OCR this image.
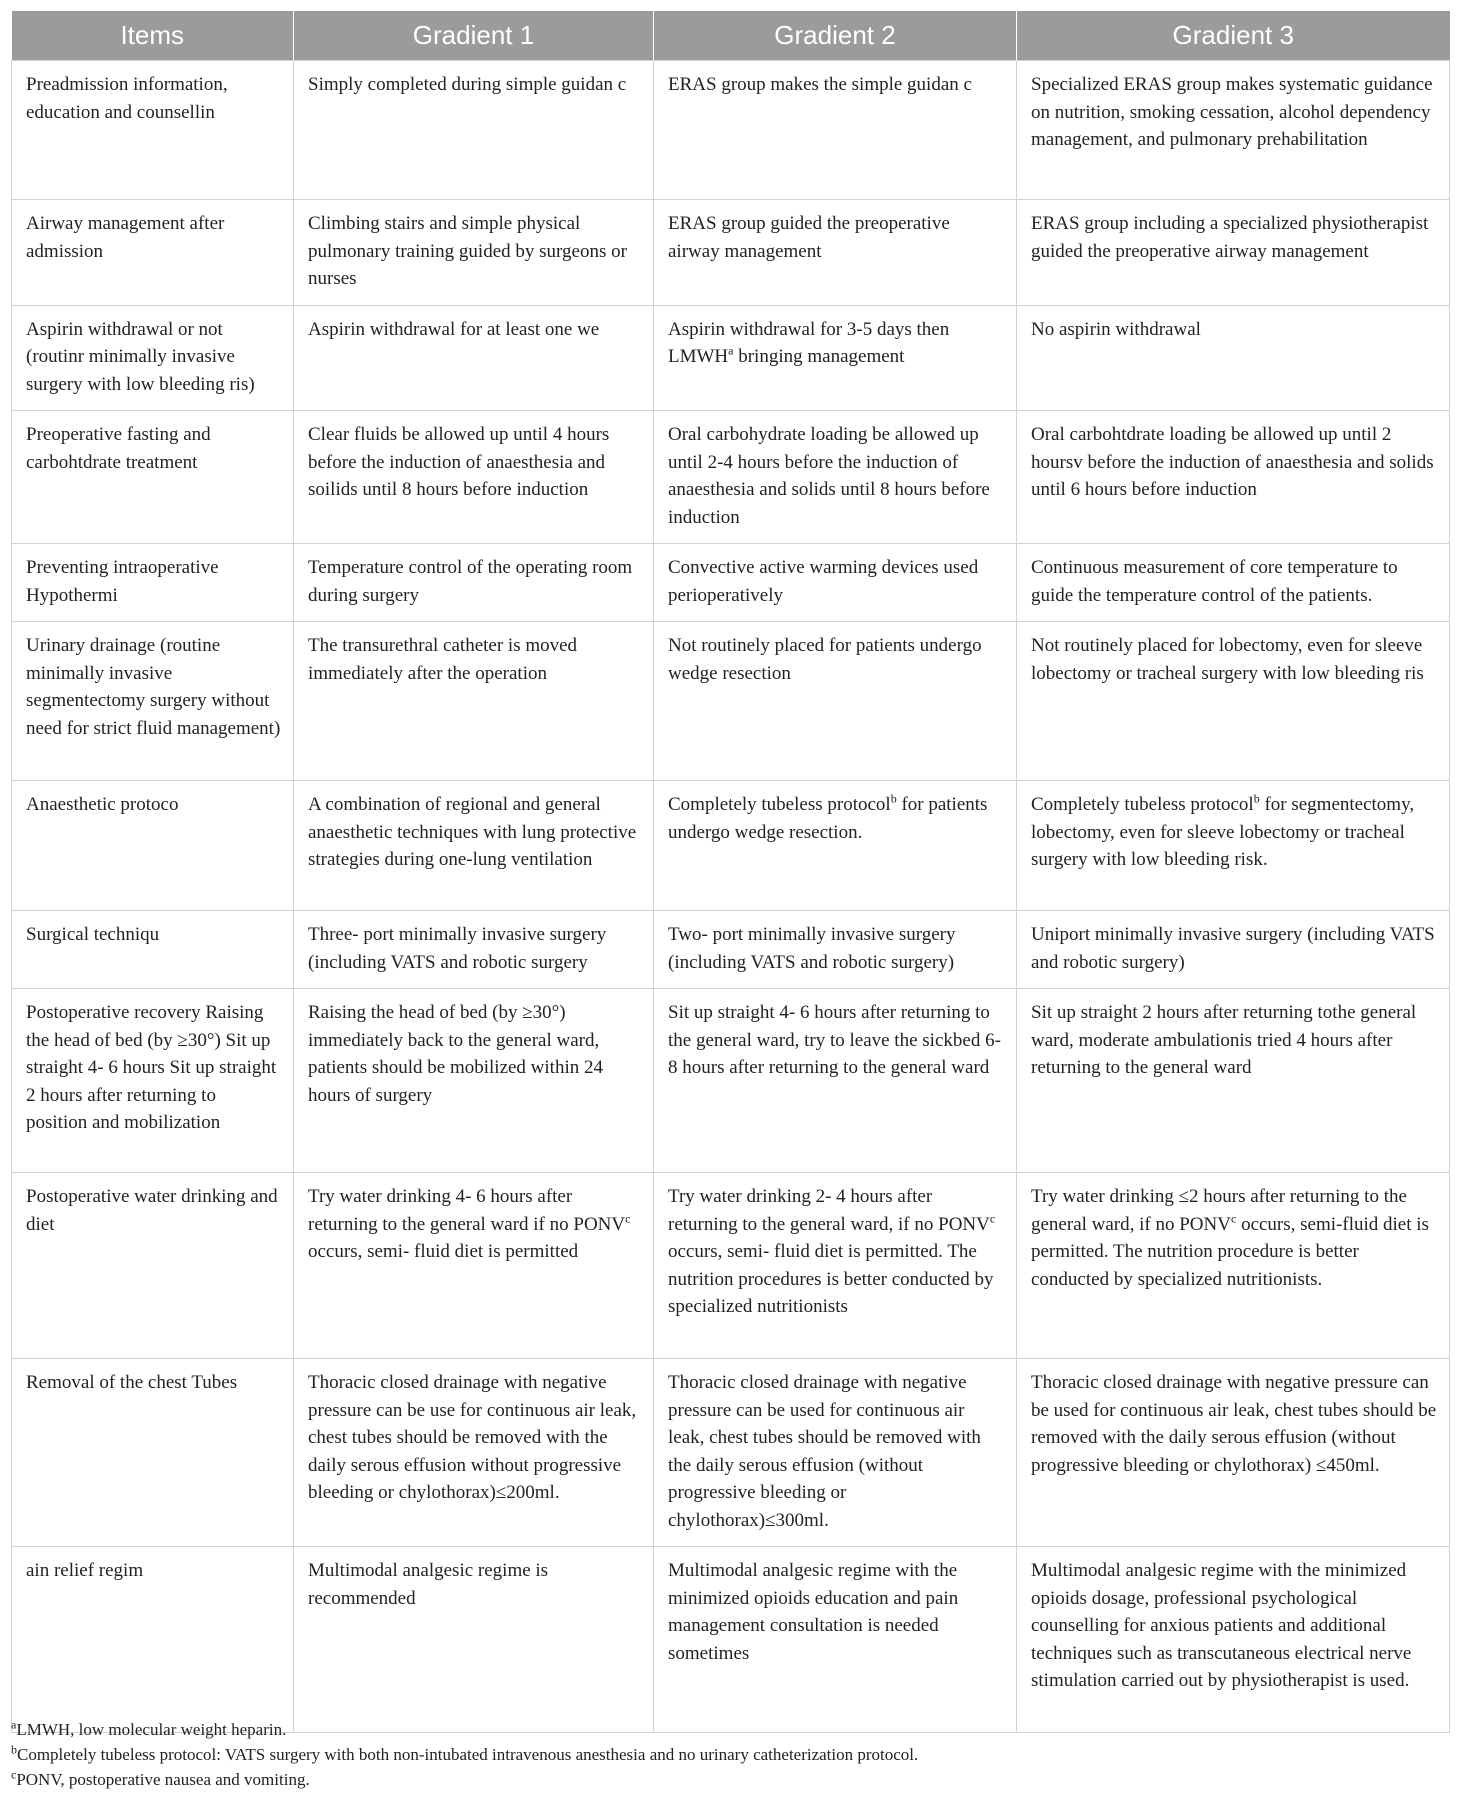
Items	Gradient 1	Gradient 2	Gradient 3
Preadmission information, education and counsellin	Simply completed during simple guidan c	ERAS group makes the simple guidan c	Specialized ERAS group makes systematic guidance on nutrition, smoking cessation, alcohol dependency management, and pulmonary prehabilitation
Airway management after admission	Climbing stairs and simple physical pulmonary training guided by surgeons or nurses	ERAS group guided the preoperative airway management	ERAS group including a specialized physiotherapist guided the preoperative airway management
Aspirin withdrawal or not (routinr minimally invasive surgery with low bleeding ris)	Aspirin withdrawal for at least one we	Aspirin withdrawal for 3-5 days then LMWH$^a$ bringing management	No aspirin withdrawal
Preoperative fasting and carbohtdrate treatment	Clear fluids be allowed up until 4 hours before the induction of anaesthesia and soilids until 8 hours before induction	Oral carbohydrate loading be allowed up until 2-4 hours before the induction of anaesthesia and solids until 8 hours before induction	Oral carbohtdrate loading be allowed up until 2 hoursv before the induction of anaesthesia and solids until 6 hours before induction
Preventing intraoperative Hypothermi	Temperature control of the operating room during surgery	Convective active warming devices used perioperatively	Continuous measurement of core temperature to guide the temperature control of the patients.
Urinary drainage (routine minimally invasive segmentectomy surgery without need for strict fluid management)	The transurethral catheter is moved immediately after the operation	Not routinely placed for patients undergo wedge resection	Not routinely placed for lobectomy, even for sleeve lobectomy or tracheal surgery with low bleeding ris
Anaesthetic protoco	A combination of regional and general anaesthetic techniques with lung protective strategies during one-lung ventilation	Completely tubeless protocol$^b$ for patients undergo wedge resection.	Completely tubeless protocol$^b$ for segmentectomy, lobectomy, even for sleeve lobectomy or tracheal surgery with low bleeding risk.
Surgical techniqu	Three- port minimally invasive surgery (including VATS and robotic surgery	Two- port minimally invasive surgery (including VATS and robotic surgery)	Uniport minimally invasive surgery (including VATS and robotic surgery)
Postoperative recovery Raising the head of bed (by ≥30°) Sit up straight 4- 6 hours Sit up straight 2 hours after returning to position and mobilization	Raising the head of bed (by ≥30°) immediately back to the general ward, patients should be mobilized within 24 hours of surgery	Sit up straight 4- 6 hours after returning to the general ward, try to leave the sickbed 6- 8 hours after returning to the general ward	Sit up straight 2 hours after returning tothe general ward, moderate ambulationis tried 4 hours after returning to the general ward
Postoperative water drinking and diet	Try water drinking 4- 6 hours after returning to the general ward if no PONV$^c$ occurs, semi- fluid diet is permitted	Try water drinking 2- 4 hours after returning to the general ward, if no PONV$^c$ occurs, semi- fluid diet is permitted. The nutrition procedures is better conducted by specialized nutritionists	Try water drinking ≤2 hours after returning to the general ward, if no PONV$^c$ occurs, semi-fluid diet is permitted. The nutrition procedure is better conducted by specialized nutritionists.
Removal of the chest Tubes	Thoracic closed drainage with negative pressure can be use for continuous air leak, chest tubes should be removed with the daily serous effusion without progressive bleeding or chylothorax)≤200ml.	Thoracic closed drainage with negative pressure can be used for continuous air leak, chest tubes should be removed with the daily serous effusion (without progressive bleeding or chylothorax)≤300ml.	Thoracic closed drainage with negative pressure can be used for continuous air leak, chest tubes should be removed with the daily serous effusion (without progressive bleeding or chylothorax) ≤450ml.
ain relief regim	Multimodal analgesic regime is recommended	Multimodal analgesic regime with the minimized opioids education and pain management consultation is needed sometimes	Multimodal analgesic regime with the minimized opioids dosage, professional psychological counselling for anxious patients and additional techniques such as transcutaneous electrical nerve stimulation carried out by physiotherapist is used.
$^a$LMWH, low molecular weight heparin.
$^b$Completely tubeless protocol: VATS surgery with both non-intubated intravenous anesthesia and no urinary catheterization protocol.
$^c$PONV, postoperative nausea and vomiting.
